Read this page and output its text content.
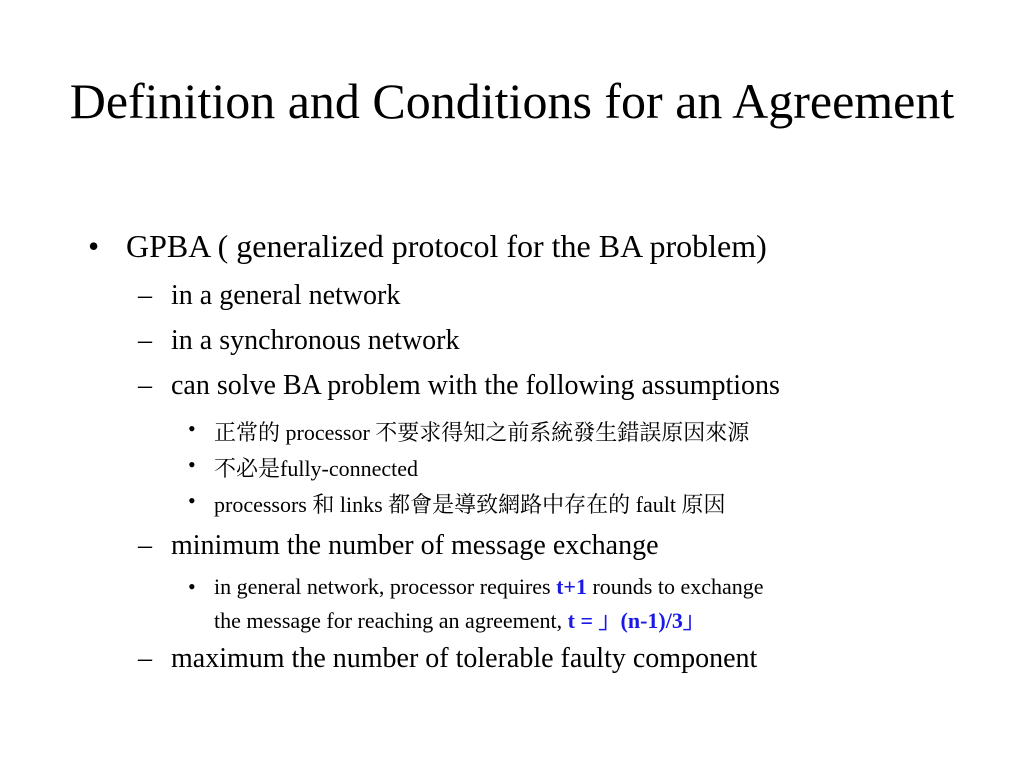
Definition and Conditions for an Agreement
• GPBA ( generalized protocol for the BA problem)
– in a general network
– in a synchronous network
– can solve BA problem with the following assumptions
• 正常的 processor 不要求得知之前系統發生錯誤原因來源
• 不必是fully-connected
• processors 和 links 都會是導致網路中存在的 fault 原因
– minimum the number of message exchange
• in general network, processor requires t+1 rounds to exchange
the message for reaching an agreement, t = 」(n-1)/3」
– maximum the number of tolerable faulty component
